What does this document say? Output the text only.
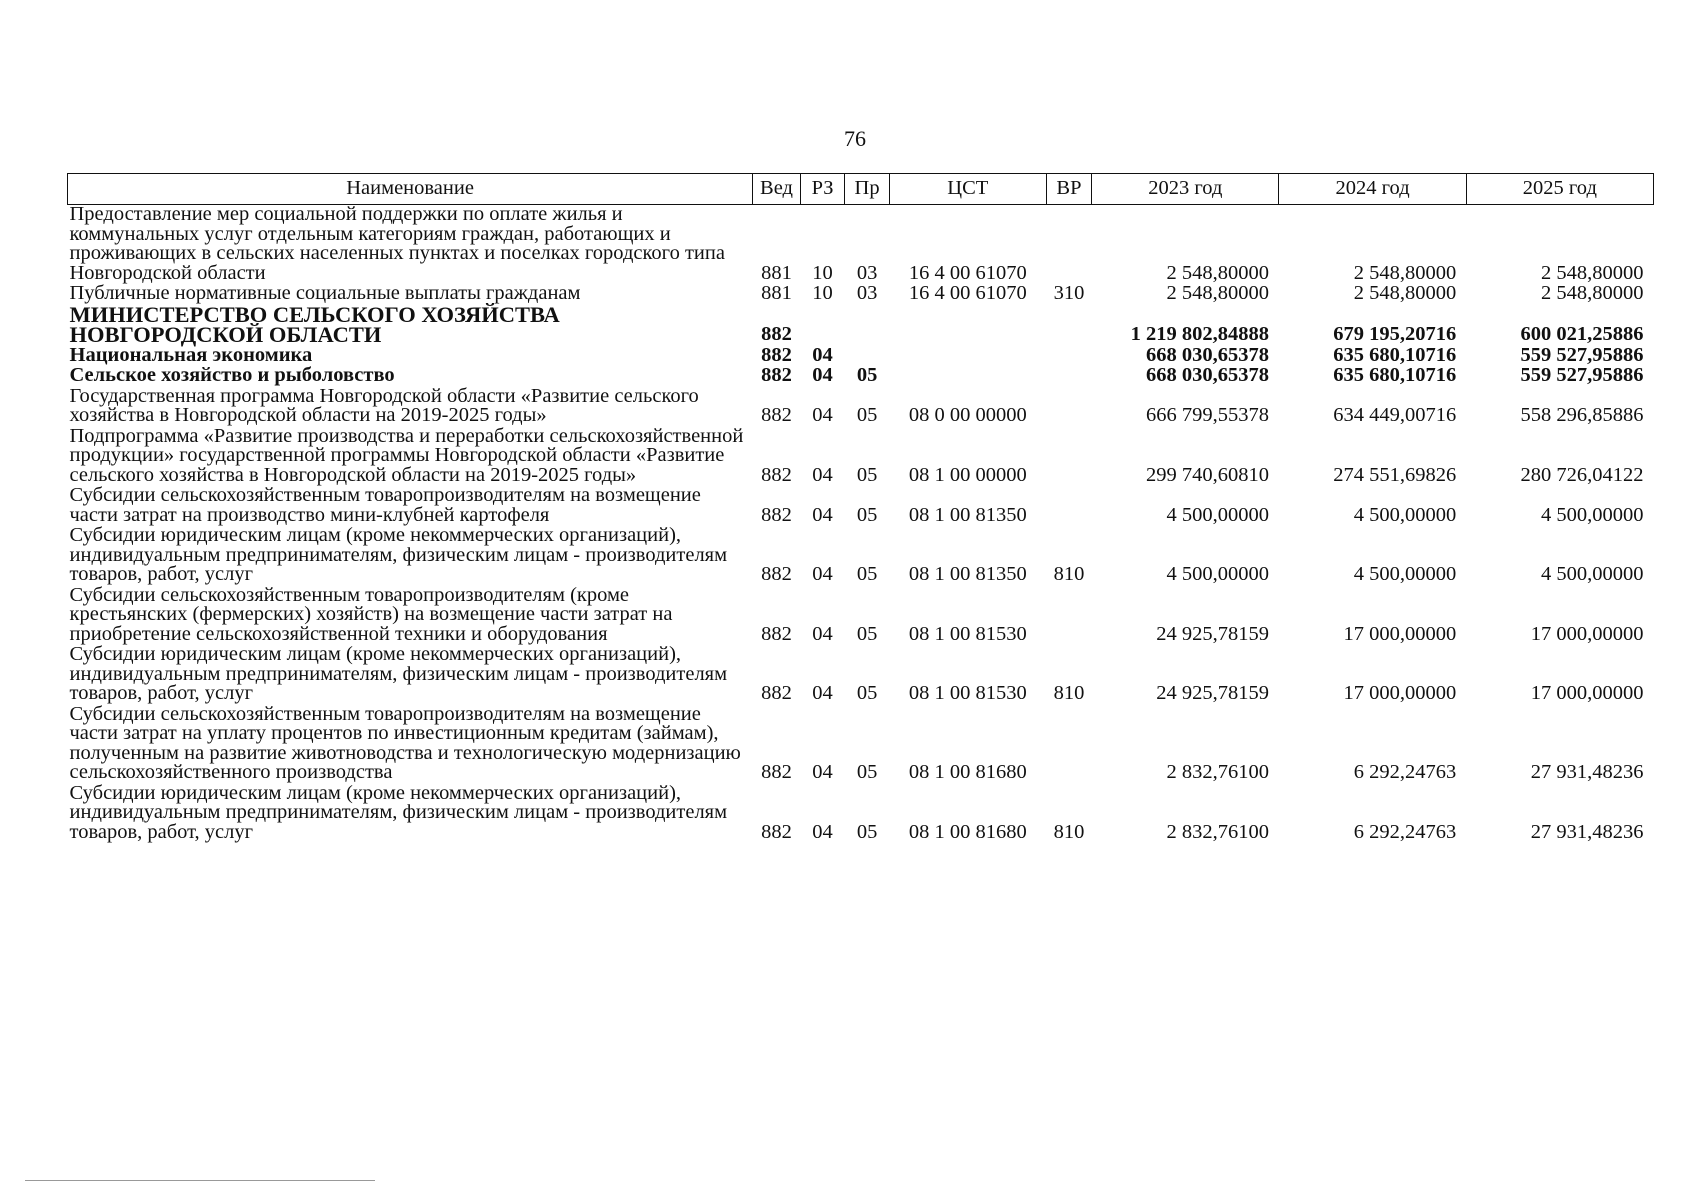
76
Наименование	Вед	РЗ	Пр	ЦСТ	ВР	2023 год	2024 год	2025 год
Предоставление мер социальной поддержки по оплате жилья и коммунальных услуг отдельным категориям граждан, работающих и проживающих в сельских населенных пунктах и поселках городского типа Новгородской области	881	10	03	16 4 00 61070		2 548,80000	2 548,80000	2 548,80000
Публичные нормативные социальные выплаты гражданам	881	10	03	16 4 00 61070	310	2 548,80000	2 548,80000	2 548,80000
МИНИСТЕРСТВО СЕЛЬСКОГО ХОЗЯЙСТВА НОВГОРОДСКОЙ ОБЛАСТИ	882					1 219 802,84888	679 195,20716	600 021,25886
Национальная экономика	882	04				668 030,65378	635 680,10716	559 527,95886
Сельское хозяйство и рыболовство	882	04	05			668 030,65378	635 680,10716	559 527,95886
Государственная программа Новгородской области «Развитие сельского хозяйства в Новгородской области на 2019-2025 годы»	882	04	05	08 0 00 00000		666 799,55378	634 449,00716	558 296,85886
Подпрограмма «Развитие производства и переработки сельскохозяйственной продукции» государственной программы Новгородской области «Развитие сельского хозяйства в Новгородской области на 2019-2025 годы»	882	04	05	08 1 00 00000		299 740,60810	274 551,69826	280 726,04122
Субсидии сельскохозяйственным товаропроизводителям на возмещение части затрат на производство мини-клубней картофеля	882	04	05	08 1 00 81350		4 500,00000	4 500,00000	4 500,00000
Субсидии юридическим лицам (кроме некоммерческих организаций), индивидуальным предпринимателям, физическим лицам - производителям товаров, работ, услуг	882	04	05	08 1 00 81350	810	4 500,00000	4 500,00000	4 500,00000
Субсидии сельскохозяйственным товаропроизводителям (кроме крестьянских (фермерских) хозяйств) на возмещение части затрат на приобретение сельскохозяйственной техники и оборудования	882	04	05	08 1 00 81530		24 925,78159	17 000,00000	17 000,00000
Субсидии юридическим лицам (кроме некоммерческих организаций), индивидуальным предпринимателям, физическим лицам - производителям товаров, работ, услуг	882	04	05	08 1 00 81530	810	24 925,78159	17 000,00000	17 000,00000
Субсидии сельскохозяйственным товаропроизводителям на возмещение части затрат на уплату процентов по инвестиционным кредитам (займам), полученным на развитие животноводства и технологическую модернизацию сельскохозяйственного производства	882	04	05	08 1 00 81680		2 832,76100	6 292,24763	27 931,48236
Субсидии юридическим лицам (кроме некоммерческих организаций), индивидуальным предпринимателям, физическим лицам - производителям товаров, работ, услуг	882	04	05	08 1 00 81680	810	2 832,76100	6 292,24763	27 931,48236
